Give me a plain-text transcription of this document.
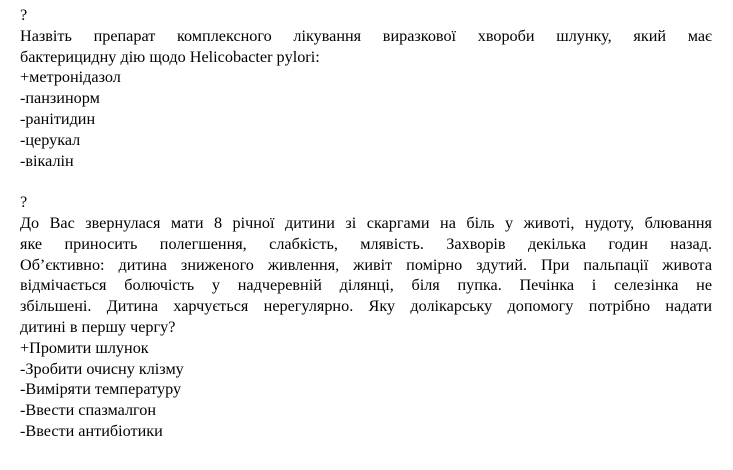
?
Назвіть препарат комплексного лікування виразкової хвороби шлунку, який має
бактерицидну дію щодо Helicobacter pylori:
+метронідазол
-панзинорм
-ранітидин
-церукал
-вікалін
?
До Вас звернулася мати 8 річної дитини зі скаргами на біль у животі, нудоту, блювання
яке приносить полегшення, слабкість, млявість. Захворів декілька годин назад.
Об’єктивно: дитина зниженого живлення, живіт помірно здутий. При пальпації живота
відмічається болючість у надчеревній ділянці, біля пупка. Печінка і селезінка не
збільшені. Дитина харчується нерегулярно. Яку долікарську допомогу потрібно надати
дитині в першу чергу?
+Промити шлунок
-Зробити очисну клізму
-Виміряти температуру
-Ввести спазмалгон
-Ввести антибіотики
